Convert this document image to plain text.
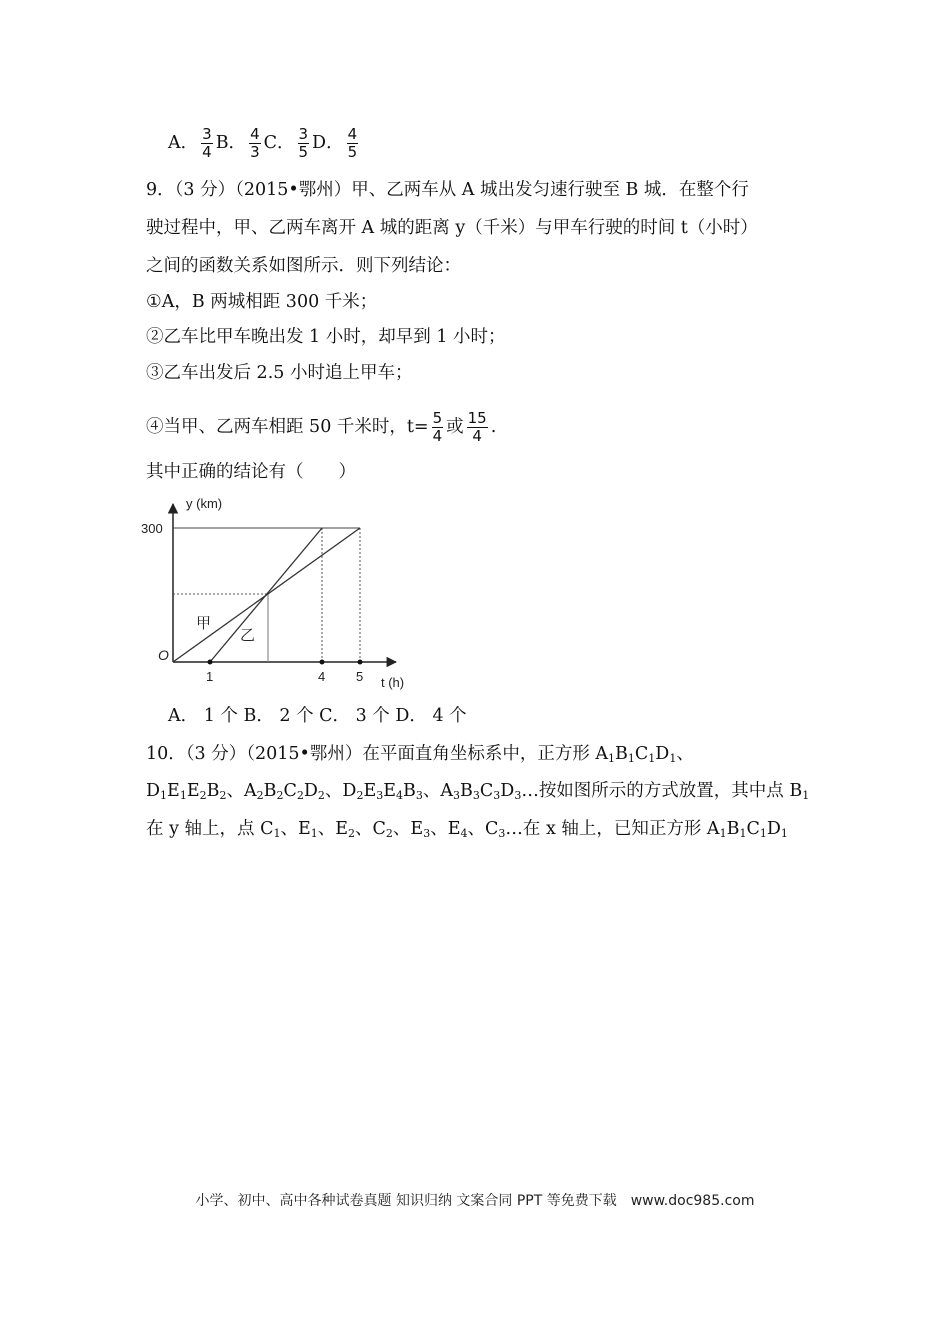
A． $\frac{3}{4}$ B． $\frac{4}{3}$ C． $\frac{3}{5}$ D． $\frac{4}{5}$
9．（3 分）（2015•鄂州）甲、乙两车从 A 城出发匀速行驶至 B 城．在整个行
驶过程中，甲、乙两车离开 A 城的距离 y（千米）与甲车行驶的时间 t（小时）
之间的函数关系如图所示．则下列结论：
①A，B 两城相距 300 千米；
②乙车比甲车晚出发 1 小时，却早到 1 小时；
③乙车出发后 2.5 小时追上甲车；
④当甲、乙两车相距 50 千米时，$t= \frac{5}{4}$ 或 $\frac{15}{4}$ .
其中正确的结论有（　　）
y (km)
t (h)
O
300
1	4 5
甲
乙
A． 1 个 B． 2 个 C． 3 个 D． 4 个
10．（3 分）（2015•鄂州）在平面直角坐标系中，正方形 $A_1B_1C_1D_1$、
$D_1E_1E_2B_2$、$A_2B_2C_2D_2$、$D_2E_3E_4B_3$、$A_3B_3C_3D_3\dots$按如图所示的方式放置，其中点 $B_1$
在 y 轴上，点 $C_1$、$E_1$、$E_2$、$C_2$、$E_3$、$E_4$、$C_3\dots$在 x 轴上，已知正方形 $A_1B_1C_1D_1$
小学、初中、高中各种试卷真题 知识归纳 文案合同 PPT 等免费下载　www.doc985.com
